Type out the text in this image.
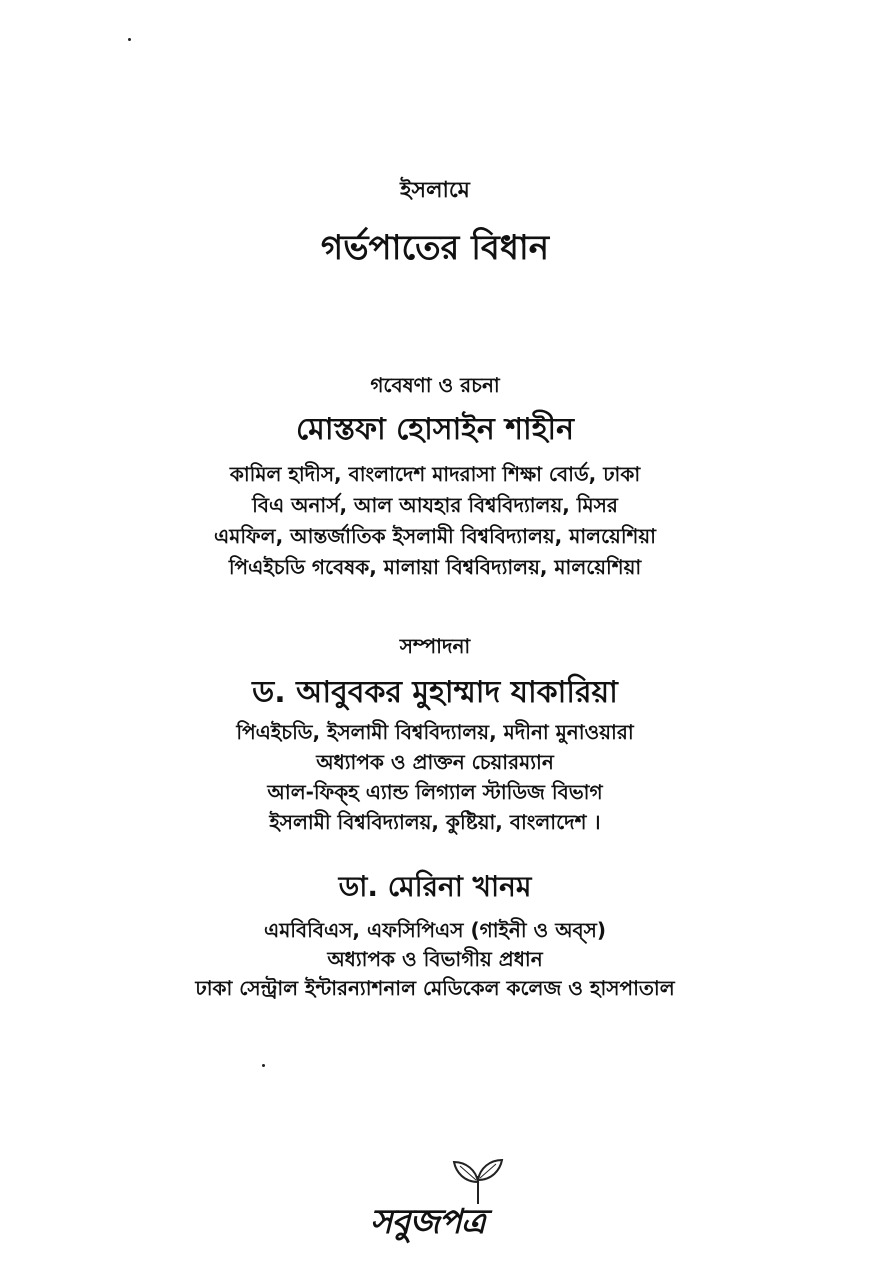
ইসলামে
গর্ভপাতের বিধান
গবেষণা ও রচনা
মোস্তফা হোসাইন শাহীন
কামিল হাদীস, বাংলাদেশ মাদরাসা শিক্ষা বোর্ড, ঢাকা
বিএ অনার্স, আল আযহার বিশ্ববিদ্যালয়, মিসর
এমফিল, আন্তর্জাতিক ইসলামী বিশ্ববিদ্যালয়, মালয়েশিয়া
পিএইচডি গবেষক, মালায়া বিশ্ববিদ্যালয়, মালয়েশিয়া
সম্পাদনা
ড. আবুবকর মুহাম্মাদ যাকারিয়া
পিএইচডি, ইসলামী বিশ্ববিদ্যালয়, মদীনা মুনাওয়ারা
অধ্যাপক ও প্রাক্তন চেয়ারম্যান
আল-ফিক্‌হ এ্যান্ড লিগ্যাল স্টাডিজ বিভাগ
ইসলামী বিশ্ববিদ্যালয়, কুষ্টিয়া, বাংলাদেশ ।
ডা. মেরিনা খানম
এমবিবিএস, এফসিপিএস (গাইনী ও অব্‌স)
অধ্যাপক ও বিভাগীয় প্রধান
ঢাকা সেন্ট্রাল ইন্টারন্যাশনাল মেডিকেল কলেজ ও হাসপাতাল
সবুজপত্র
